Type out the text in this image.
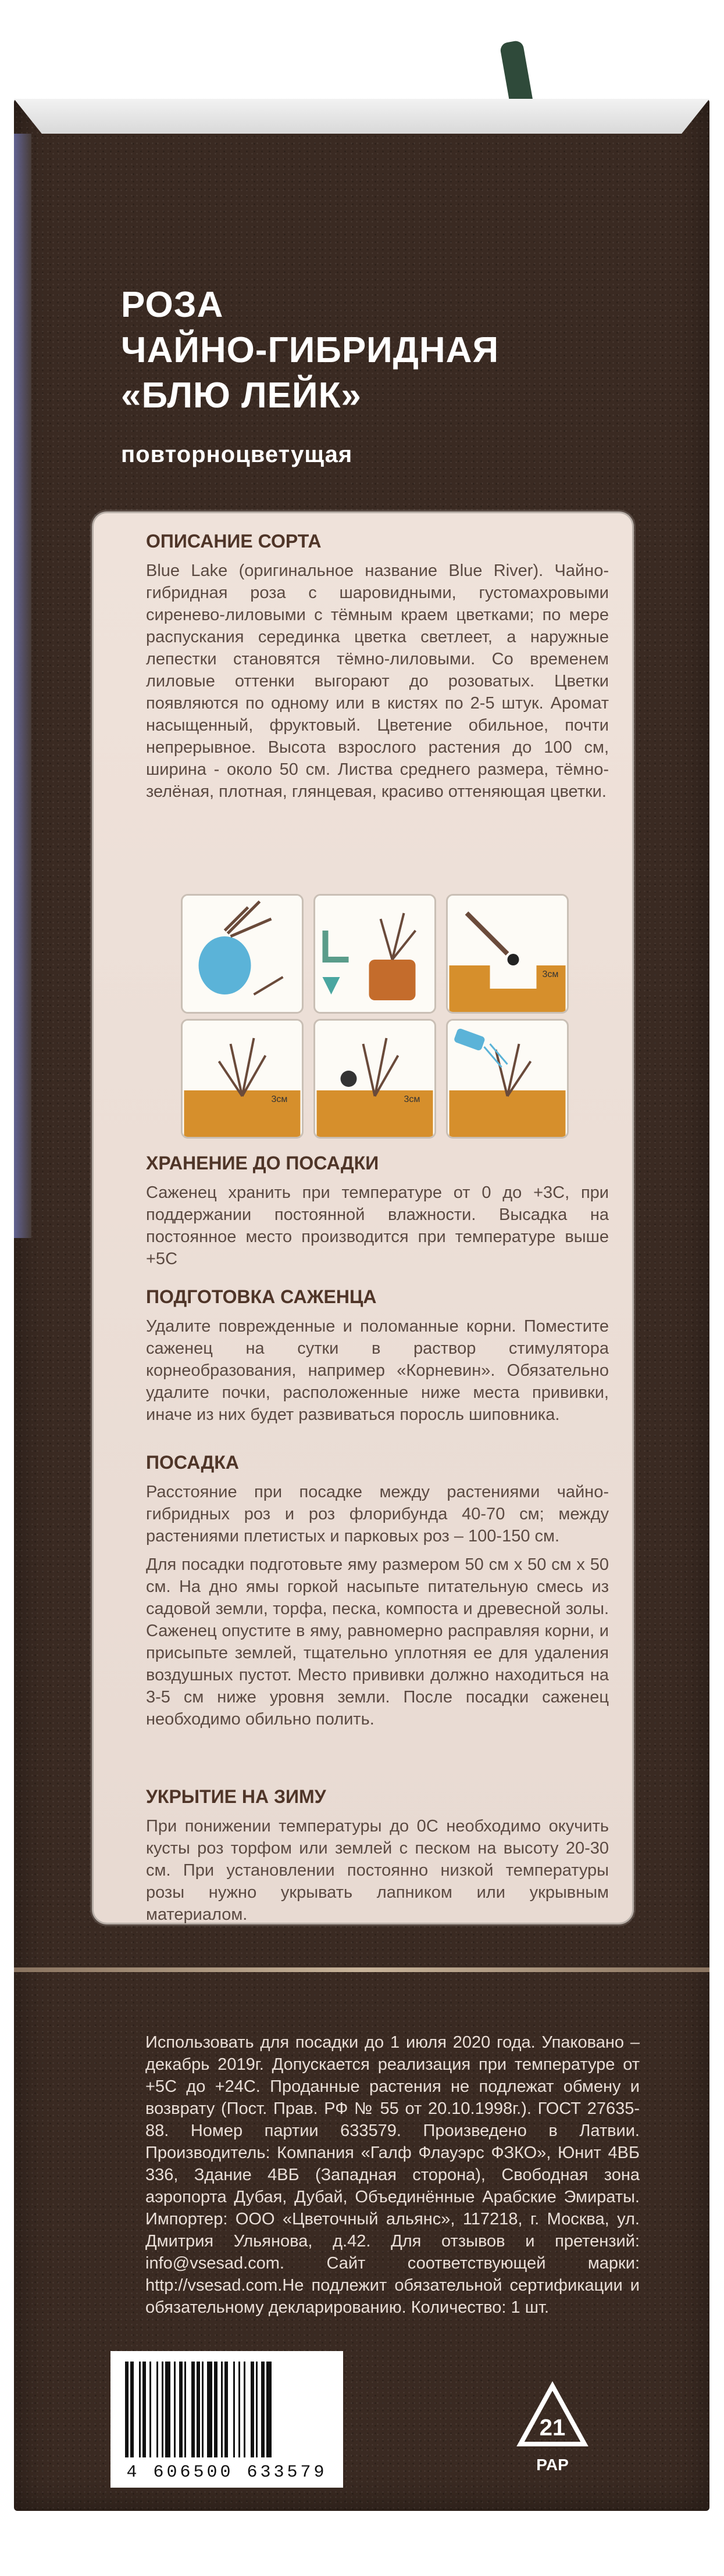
РОЗА

ЧАЙНО-ГИБРИДНАЯ

«БЛЮ ЛЕЙК»

повторноцветущая

ОПИСАНИЕ СОРТА

Blue Lake (оригинальное название Blue River). Чайно-гибридная роза с шаровидными, густомахровыми сиренево-лиловыми с тёмным краем цветками; по мере распускания серединка цветка светлеет, а наружные лепестки становятся тёмно-лиловыми. Со временем лиловые оттенки выгорают до розоватых. Цветки появляются по одному или в кистях по 2-5 штук. Аромат насыщенный, фруктовый. Цветение обильное, почти непрерывное. Высота взрослого растения до 100 см, ширина - около 50 см. Листва среднего размера, тёмно-зелёная, плотная, глянцевая, красиво оттеняющая цветки.

3см
3см	3см

ХРАНЕНИЕ ДО ПОСАДКИ

Саженец хранить при температуре от 0 до +3С, при поддержании постоянной влажности. Высадка на постоянное место производится при температуре выше +5С

ПОДГОТОВКА САЖЕНЦА

Удалите поврежденные и поломанные корни. Поместите саженец на сутки в раствор стимулятора корнеобразования, например «Корневин». Обязательно удалите почки, расположенные ниже места прививки, иначе из них будет развиваться поросль шиповника.

ПОСАДКА

Расстояние при посадке между растениями чайно-гибридных роз и роз флорибунда 40-70 см; между растениями плетистых и парковых роз – 100-150 см.

Для посадки подготовьте яму размером 50 см х 50 см х 50 см. На дно ямы горкой насыпьте питательную смесь из садовой земли, торфа, песка, компоста и древесной золы. Саженец опустите в яму, равномерно расправляя корни, и присыпьте землей, тщательно уплотняя ее для удаления воздушных пустот. Место прививки должно находиться на 3-5 см ниже уровня земли. После посадки саженец необходимо обильно полить.

УКРЫТИЕ НА ЗИМУ

При понижении температуры до 0С необходимо окучить кусты роз торфом или землей с песком на высоту 20-30 см. При установлении постоянно низкой температуры розы нужно укрывать лапником или укрывным материалом.

Использовать для посадки до 1 июля 2020 года. Упаковано – декабрь 2019г. Допускается реализация при температуре от +5С до +24С. Проданные растения не подлежат обмену и возврату (Пост. Прав. РФ № 55 от 20.10.1998г.). ГОСТ 27635-88. Номер партии 633579. Произведено в Латвии. Производитель: Компания «Галф Флауэрс ФЗКО», Юнит 4ВБ 336, Здание 4ВБ (Западная сторона), Свободная зона аэропорта Дубая, Дубай, Объединённые Арабские Эмираты. Импортер: ООО «Цветочный альянс», 117218, г. Москва, ул. Дмитрия Ульянова, д.42. Для отзывов и претензий: info@vsesad.com. Сайт соответствующей марки: http://vsesad.com.Не подлежит обязательной сертификации и обязательному декларированию. Количество: 1 шт.

4 606500 633579

21
PAP
